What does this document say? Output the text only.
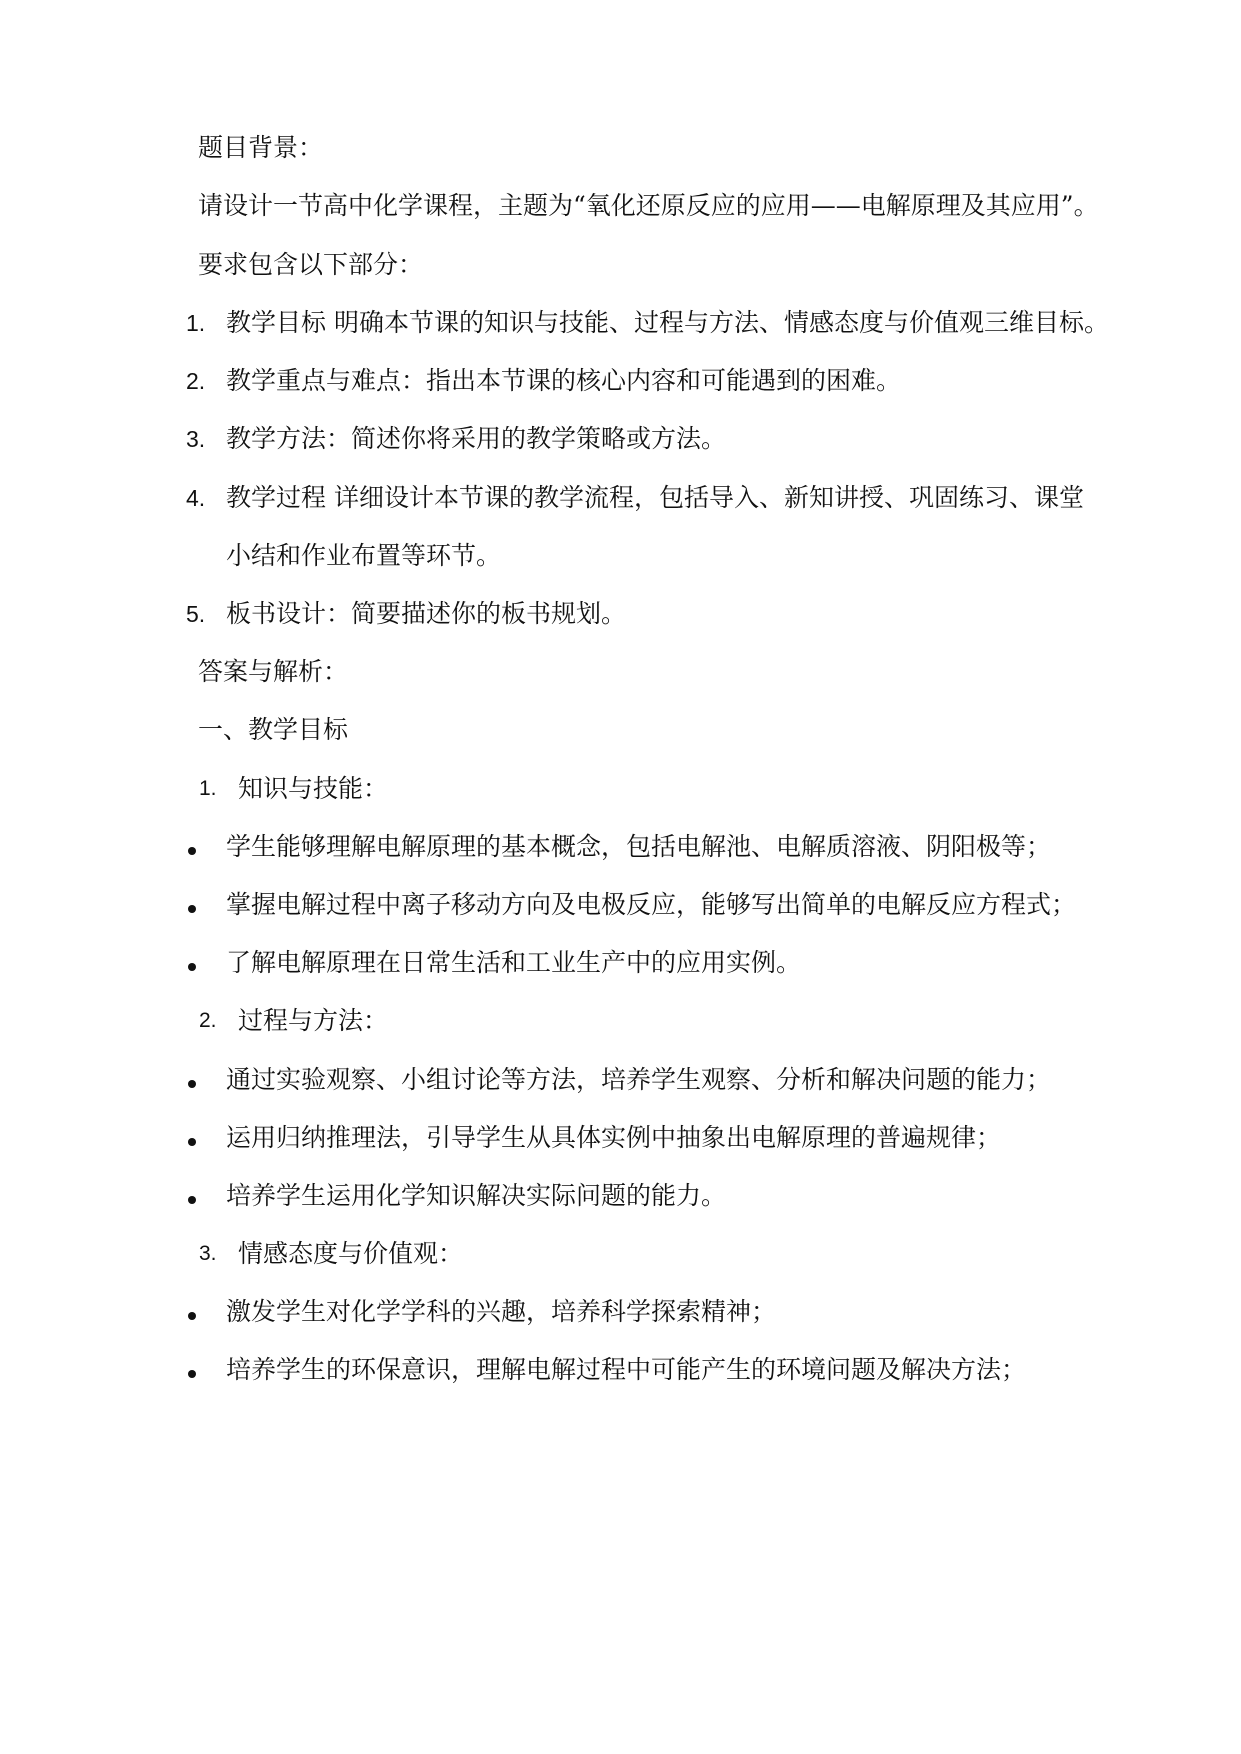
题目背景：
请设计一节高中化学课程，主题为“氧化还原反应的应用——电解原理及其应用”。
要求包含以下部分：
1. 教学目标 明确本节课的知识与技能、过程与方法、情感态度与价值观三维目标。
2. 教学重点与难点：指出本节课的核心内容和可能遇到的困难。
3. 教学方法：简述你将采用的教学策略或方法。
4. 教学过程 详细设计本节课的教学流程，包括导入、新知讲授、巩固练习、课堂
小结和作业布置等环节。
5. 板书设计：简要描述你的板书规划。
答案与解析：
一、教学目标
1. 知识与技能：
学生能够理解电解原理的基本概念，包括电解池、电解质溶液、阴阳极等；
掌握电解过程中离子移动方向及电极反应，能够写出简单的电解反应方程式；
了解电解原理在日常生活和工业生产中的应用实例。
2. 过程与方法：
通过实验观察、小组讨论等方法，培养学生观察、分析和解决问题的能力；
运用归纳推理法，引导学生从具体实例中抽象出电解原理的普遍规律；
培养学生运用化学知识解决实际问题的能力。
3. 情感态度与价值观：
激发学生对化学学科的兴趣，培养科学探索精神；
培养学生的环保意识，理解电解过程中可能产生的环境问题及解决方法；
